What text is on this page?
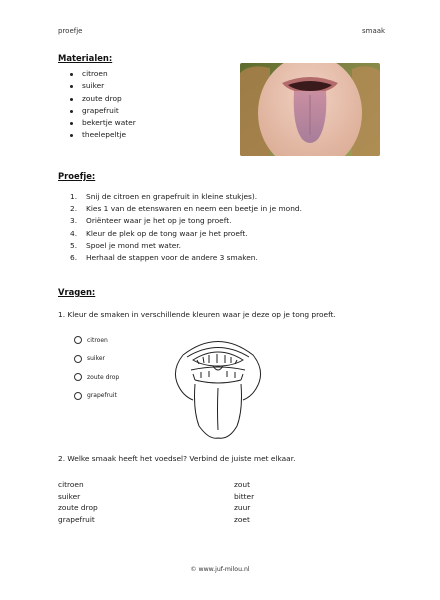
proefje	smaak
Materialen:
citroen
suiker
zoute drop
grapefruit
bekertje water
theelepeltje
Proefje:
1. Snij de citroen en grapefruit in kleine stukjes).
2. Kies 1 van de etenswaren en neem een beetje in je mond.
3. Oriënteer waar je het op je tong proeft.
4. Kleur de plek op de tong waar je het proeft.
5. Spoel je mond met water.
6. Herhaal de stappen voor de andere 3 smaken.
Vragen:
1. Kleur de smaken in verschillende kleuren waar je deze op je tong proeft.
citroen
suiker
zoute drop
grapefruit
2. Welke smaak heeft het voedsel? Verbind de juiste met elkaar.
citroen
suiker
zoute drop
grapefruit
zout
bitter
zuur
zoet
© www.juf-milou.nl
